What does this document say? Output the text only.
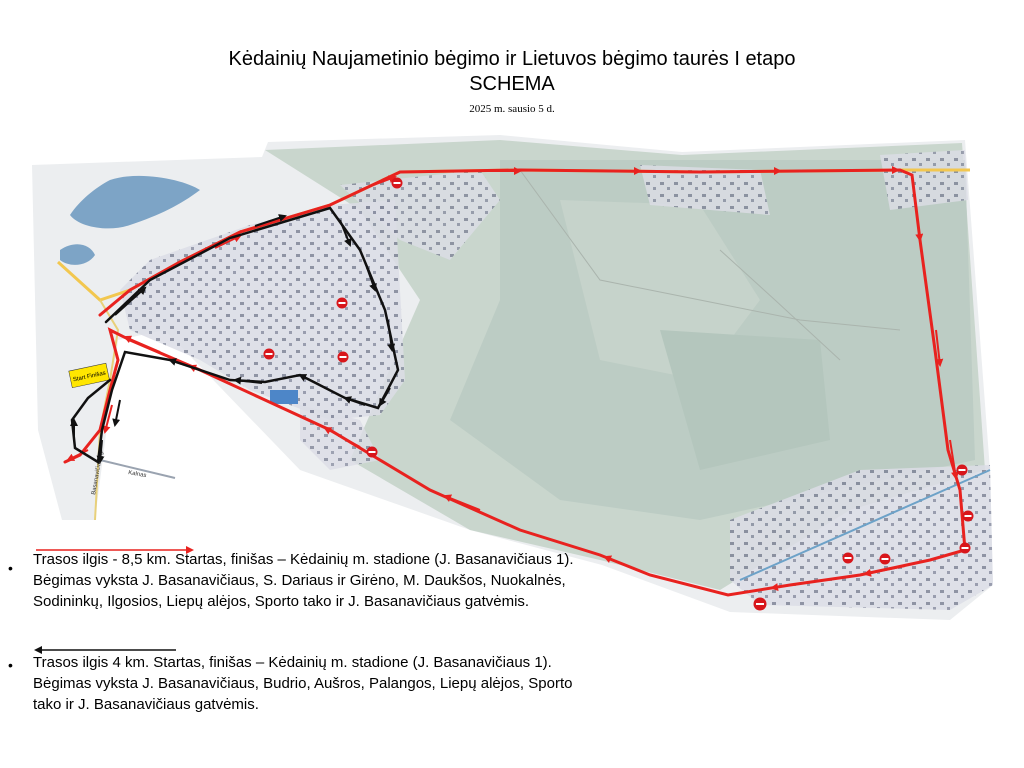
Kėdainių Naujametinio bėgimo ir Lietuvos bėgimo taurės I etapo
SCHEMA
2025 m. sausio 5 d.
Start Finišas
Kalnas
Basanavičiaus g.
• Trasos ilgis - 8,5 km. Startas, finišas – Kėdainių m. stadione (J. Basanavičiaus 1). Bėgimas vyksta J. Basanavičiaus, S. Dariaus ir Girėno, M. Daukšos, Nuokalnės, Sodininkų, Ilgosios, Liepų alėjos, Sporto tako ir J. Basanavičiaus gatvėmis.
• Trasos ilgis 4 km. Startas, finišas – Kėdainių m. stadione (J. Basanavičiaus 1). Bėgimas vyksta J. Basanavičiaus, Budrio, Aušros, Palangos, Liepų alėjos, Sporto tako ir J. Basanavičiaus gatvėmis.
